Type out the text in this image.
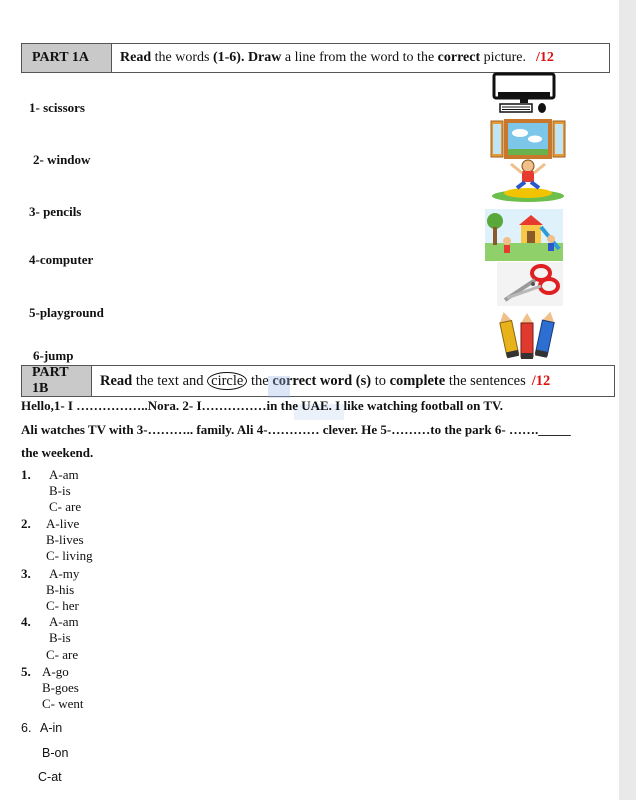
PART 1A	Read the words (1-6). Draw a line from the word to the correct picture. /12
1- scissors
2- window
3- pencils
4-computer
5-playground
6-jump
PART 1B	Read the text and circle the correct word (s) to complete the sentences /12
Hello,1- I ……………..Nora. 2- I……………in the UAE. I like watching football on TV.
Ali watches TV with 3-……….. family. Ali 4-………… clever. He 5-………to the park 6- ……._____
the weekend.
1. A-am
B-is
C- are
2. A-live
B-lives
C- living
3. A-my
B-his
C- her
4. A-am
B-is
C- are
5. A-go
B-goes
C- went
6. A-in
B-on
C-at
